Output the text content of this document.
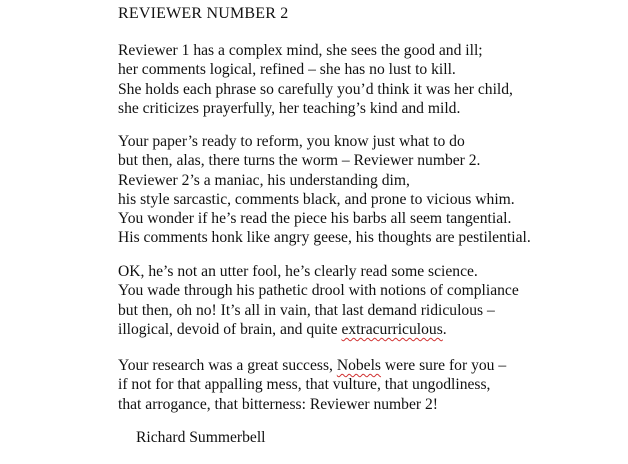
REVIEWER NUMBER 2
Reviewer 1 has a complex mind, she sees the good and ill;
her comments logical, refined – she has no lust to kill.
She holds each phrase so carefully you’d think it was her child,
she criticizes prayerfully, her teaching’s kind and mild.
Your paper’s ready to reform, you know just what to do
but then, alas, there turns the worm – Reviewer number 2.
Reviewer 2’s a maniac, his understanding dim,
his style sarcastic, comments black, and prone to vicious whim.
You wonder if he’s read the piece his barbs all seem tangential.
His comments honk like angry geese, his thoughts are pestilential.
OK, he’s not an utter fool, he’s clearly read some science.
You wade through his pathetic drool with notions of compliance
but then, oh no! It’s all in vain, that last demand ridiculous –
illogical, devoid of brain, and quite extracurriculous.
Your research was a great success, Nobels were sure for you –
if not for that appalling mess, that vulture, that ungodliness,
that arrogance, that bitterness: Reviewer number 2!
Richard Summerbell
